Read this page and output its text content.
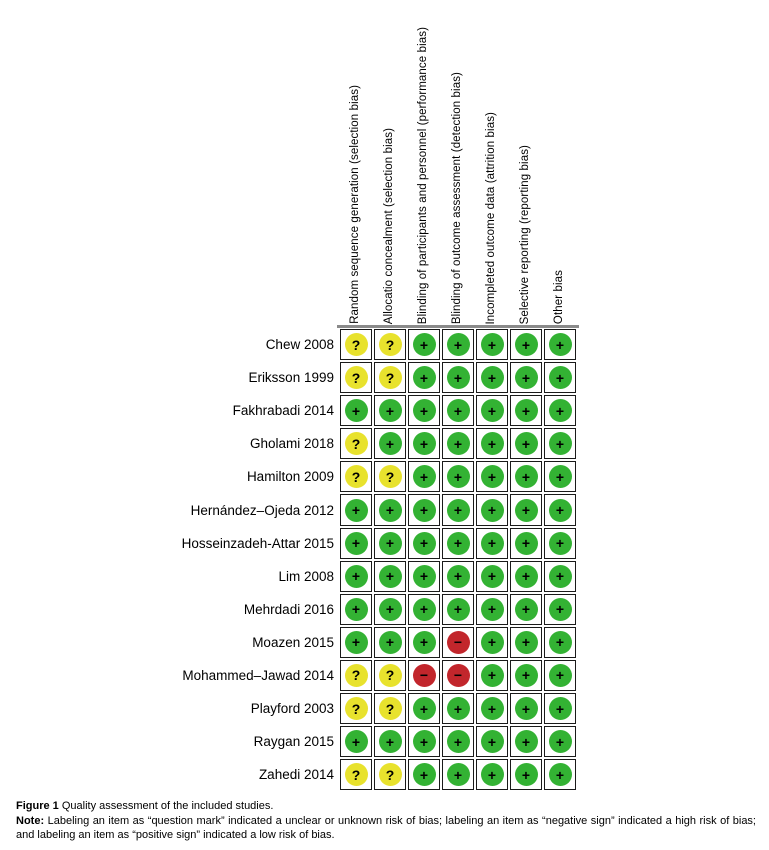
Random sequence generation (selection bias) Allocatio concealment (selection bias) Blinding of participants and personnel (performance bias) Blinding of outcome assessment (detection bias) Incompleted outcome data (attrition bias) Selective reporting (reporting bias) Other bias
Chew 2008	?	?	+	+	+	+	+
Eriksson 1999	?	?	+	+	+	+	+
Fakhrabadi 2014	+	+	+	+	+	+	+
Gholami 2018	?	+	+	+	+	+	+
Hamilton 2009	?	?	+	+	+	+	+
Hernández–Ojeda 2012	+	+	+	+	+	+	+
Hosseinzadeh-Attar 2015	+	+	+	+	+	+	+
Lim 2008	+	+	+	+	+	+	+
Mehrdadi 2016	+	+	+	+	+	+	+
Moazen 2015	+	+	+	−	+	+	+
Mohammed–Jawad 2014	?	?	−	−	+	+	+
Playford 2003	?	?	+	+	+	+	+
Raygan 2015	+	+	+	+	+	+	+
Zahedi 2014	?	?	+	+	+	+	+

Figure 1 Quality assessment of the included studies.

Note: Labeling an item as “question mark” indicated a unclear or unknown risk of bias; labeling an item as “negative sign” indicated a high risk of bias; and labeling an item as “positive sign” indicated a low risk of bias.
